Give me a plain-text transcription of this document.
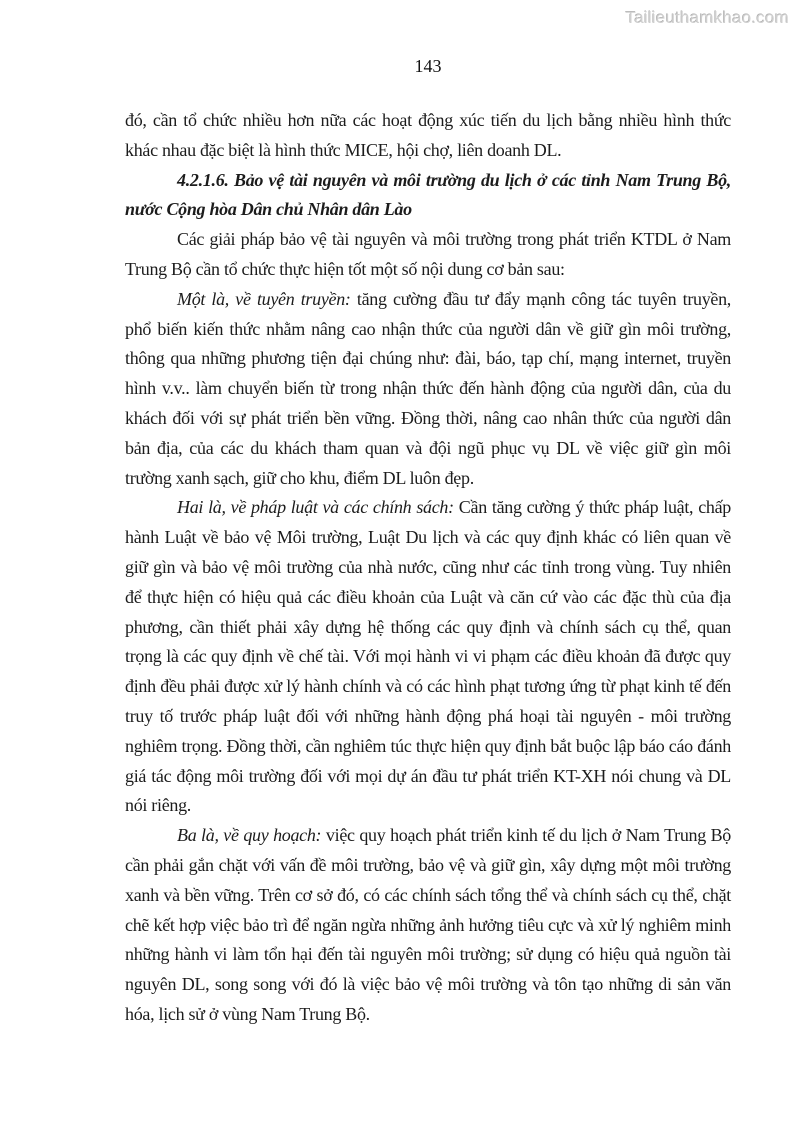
Tailieuthamkhao.com
143

đó, cần tổ chức nhiều hơn nữa các hoạt động xúc tiến du lịch bằng nhiều hình thức khác nhau đặc biệt là hình thức MICE, hội chợ, liên doanh DL.

4.2.1.6. Bảo vệ tài nguyên và môi trường du lịch ở các tỉnh Nam Trung Bộ, nước Cộng hòa Dân chủ Nhân dân Lào

Các giải pháp bảo vệ tài nguyên và môi trường trong phát triển KTDL ở Nam Trung Bộ cần tổ chức thực hiện tốt một số nội dung cơ bản sau:

Một là, về tuyên truyền: tăng cường đầu tư đẩy mạnh công tác tuyên truyền, phổ biến kiến thức nhằm nâng cao nhận thức của người dân về giữ gìn môi trường, thông qua những phương tiện đại chúng như: đài, báo, tạp chí, mạng internet, truyền hình v.v.. làm chuyển biến từ trong nhận thức đến hành động của người dân, của du khách đối với sự phát triển bền vững. Đồng thời, nâng cao nhân thức của người dân bản địa, của các du khách tham quan và đội ngũ phục vụ DL về việc giữ gìn môi trường xanh sạch, giữ cho khu, điểm DL luôn đẹp.

Hai là, về pháp luật và các chính sách: Cần tăng cường ý thức pháp luật, chấp hành Luật về bảo vệ Môi trường, Luật Du lịch và các quy định khác có liên quan về giữ gìn và bảo vệ môi trường của nhà nước, cũng như các tỉnh trong vùng. Tuy nhiên để thực hiện có hiệu quả các điều khoản của Luật và căn cứ vào các đặc thù của địa phương, cần thiết phải xây dựng hệ thống các quy định và chính sách cụ thể, quan trọng là các quy định về chế tài. Với mọi hành vi vi phạm các điều khoản đã được quy định đều phải được xử lý hành chính và có các hình phạt tương ứng từ phạt kinh tế đến truy tố trước pháp luật đối với những hành động phá hoại tài nguyên - môi trường nghiêm trọng. Đồng thời, cần nghiêm túc thực hiện quy định bắt buộc lập báo cáo đánh giá tác động môi trường đối với mọi dự án đầu tư phát triển KT-XH nói chung và DL nói riêng.

Ba là, về quy hoạch: việc quy hoạch phát triển kinh tế du lịch ở Nam Trung Bộ cần phải gắn chặt với vấn đề môi trường, bảo vệ và giữ gìn, xây dựng một môi trường xanh và bền vững. Trên cơ sở đó, có các chính sách tổng thể và chính sách cụ thể, chặt chẽ kết hợp việc bảo trì để ngăn ngừa những ảnh hưởng tiêu cực và xử lý nghiêm minh những hành vi làm tổn hại đến tài nguyên môi trường; sử dụng có hiệu quả nguồn tài nguyên DL, song song với đó là việc bảo vệ môi trường và tôn tạo những di sản văn hóa, lịch sử ở vùng Nam Trung Bộ.
